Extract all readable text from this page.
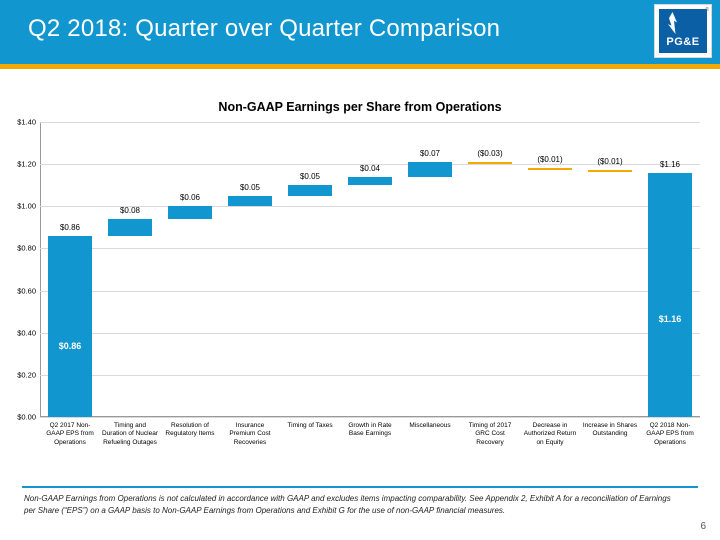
Q2 2018: Quarter over Quarter Comparison	PG&E
®
Non-GAAP Earnings per Share from Operations
$1.40
$1.20
$1.00
$0.80
$0.60
$0.40
$0.20
$0.00
$0.86
$0.86
$0.08
$0.06
$0.05
$0.05
$0.04
$0.07	($0.03)
($0.01)	($0.01)	$1.16
$1.16
Q2 2017 Non-GAAP EPS from Operations
Timing and Duration of Nuclear Refueling Outages
Resolution of Regulatory Items
Insurance Premium Cost Recoveries
Timing of Taxes	Growth in Rate Base Earnings
Miscellaneous	Timing of 2017 GRC Cost Recovery
Decrease in Authorized Return on Equity
Increase in Shares Outstanding
Q2 2018 Non-GAAP EPS from Operations
Non-GAAP Earnings from Operations is not calculated in accordance with GAAP and excludes items impacting comparability. See Appendix 2, Exhibit A for a reconciliation of Earnings per Share (“EPS”) on a GAAP basis to Non-GAAP Earnings from Operations and Exhibit G for the use of non-GAAP financial measures.
6
